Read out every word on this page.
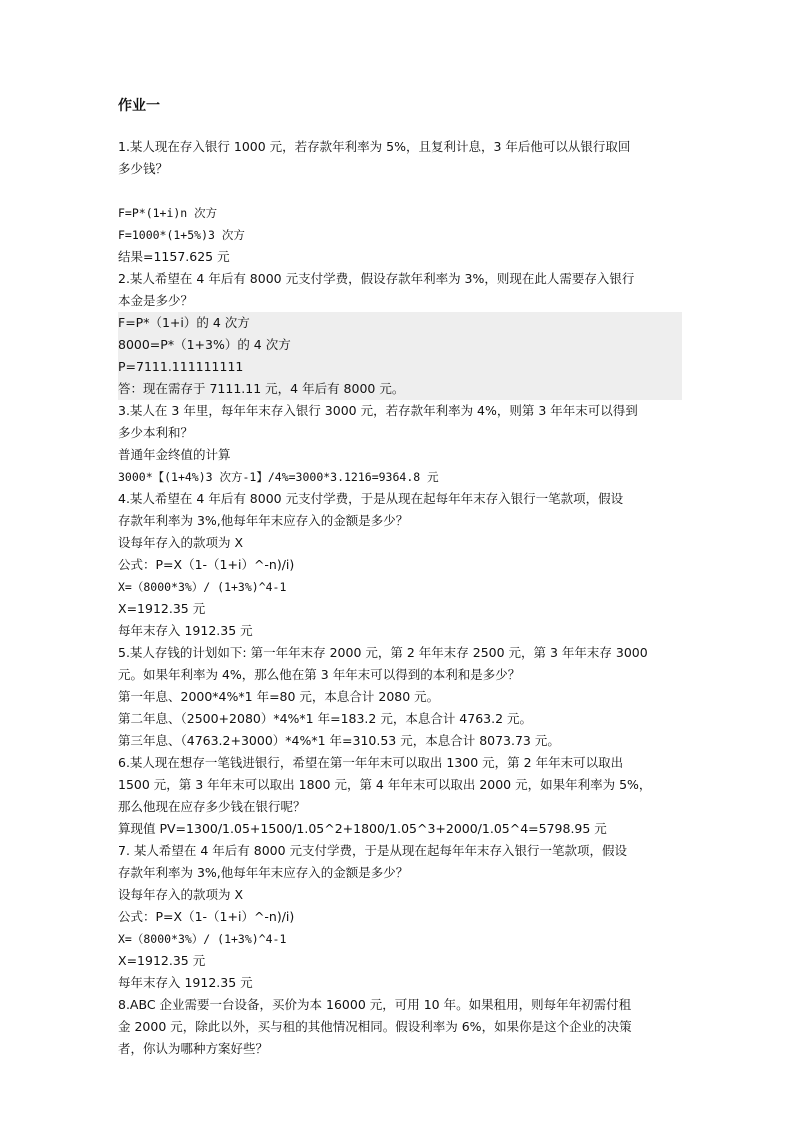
作业一
1.某人现在存入银行 1000 元，若存款年利率为 5%，且复利计息，3 年后他可以从银行取回
多少钱？
F=P*(1+i)n 次方
F=1000*(1+5%)3 次方
结果=1157.625 元
2.某人希望在 4 年后有 8000 元支付学费，假设存款年利率为 3%，则现在此人需要存入银行
本金是多少？
F=P*（1+i）的 4 次方
8000=P*（1+3%）的 4 次方
P=7111.111111111
答：现在需存于 7111.11 元，4 年后有 8000 元。
3.某人在 3 年里，每年年末存入银行 3000 元，若存款年利率为 4%，则第 3 年年末可以得到
多少本利和？
普通年金终值的计算
3000*【(1+4%)3 次方-1】/4%=3000*3.1216=9364.8 元
4.某人希望在 4 年后有 8000 元支付学费，于是从现在起每年年末存入银行一笔款项，假设
存款年利率为 3%,他每年年末应存入的金额是多少？
设每年存入的款项为 X
公式：P=X（1-（1+i）^-n)/i)
X=（8000*3%）/ (1+3%)^4-1
X=1912.35 元
每年末存入 1912.35 元
5.某人存钱的计划如下: 第一年年末存 2000 元，第 2 年年末存 2500 元，第 3 年年末存 3000
元。如果年利率为 4%，那么他在第 3 年年末可以得到的本利和是多少？
第一年息、2000*4%*1 年=80 元，本息合计 2080 元。
第二年息、（2500+2080）*4%*1 年=183.2 元，本息合计 4763.2 元。
第三年息、（4763.2+3000）*4%*1 年=310.53 元，本息合计 8073.73 元。
6.某人现在想存一笔钱进银行，希望在第一年年末可以取出 1300 元，第 2 年年末可以取出
1500 元，第 3 年年末可以取出 1800 元，第 4 年年末可以取出 2000 元，如果年利率为 5%，
那么他现在应存多少钱在银行呢？
算现值 PV=1300/1.05+1500/1.05^2+1800/1.05^3+2000/1.05^4=5798.95 元
7. 某人希望在 4 年后有 8000 元支付学费，于是从现在起每年年末存入银行一笔款项，假设
存款年利率为 3%,他每年年末应存入的金额是多少？
设每年存入的款项为 X
公式：P=X（1-（1+i）^-n)/i)
X=（8000*3%）/ (1+3%)^4-1
X=1912.35 元
每年末存入 1912.35 元
8.ABC 企业需要一台设备，买价为本 16000 元，可用 10 年。如果租用，则每年年初需付租
金 2000 元，除此以外，买与租的其他情况相同。假设利率为 6%，如果你是这个企业的决策
者，你认为哪种方案好些？
